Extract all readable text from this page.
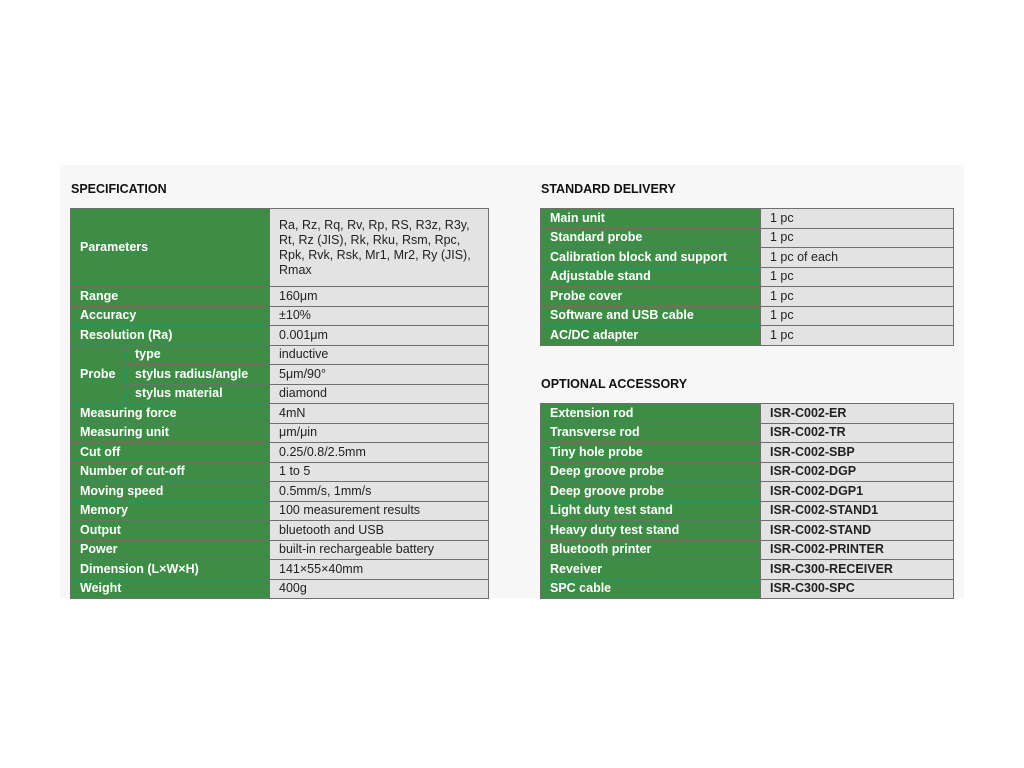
SPECIFICATION
Parameters		Ra, Rz, Rq, Rv, Rp, RS, R3z, R3y, Rt, Rz (JIS), Rk, Rku, Rsm, Rpc, Rpk, Rvk, Rsk, Mr1, Mr2, Ry (JIS), Rmax
Range		160μm
Accuracy		±10%
Resolution (Ra)		0.001μm
Probe	type	inductive
	stylus radius/angle	5μm/90°
	stylus material	diamond
Measuring force		4mN
Measuring unit		μm/μin
Cut off		0.25/0.8/2.5mm
Number of cut-off		1 to 5
Moving speed		0.5mm/s, 1mm/s
Memory		100 measurement results
Output		bluetooth and USB
Power		built-in rechargeable battery
Dimension (L×W×H)		141×55×40mm
Weight		400g
STANDARD DELIVERY
Main unit	1 pc
Standard probe	1 pc
Calibration block and support	1 pc of each
Adjustable stand	1 pc
Probe cover	1 pc
Software and USB cable	1 pc
AC/DC adapter	1 pc
OPTIONAL ACCESSORY
Extension rod	ISR-C002-ER
Transverse rod	ISR-C002-TR
Tiny hole probe	ISR-C002-SBP
Deep groove probe	ISR-C002-DGP
Deep groove probe	ISR-C002-DGP1
Light duty test stand	ISR-C002-STAND1
Heavy duty test stand	ISR-C002-STAND
Bluetooth printer	ISR-C002-PRINTER
Reveiver	ISR-C300-RECEIVER
SPC cable	ISR-C300-SPC
